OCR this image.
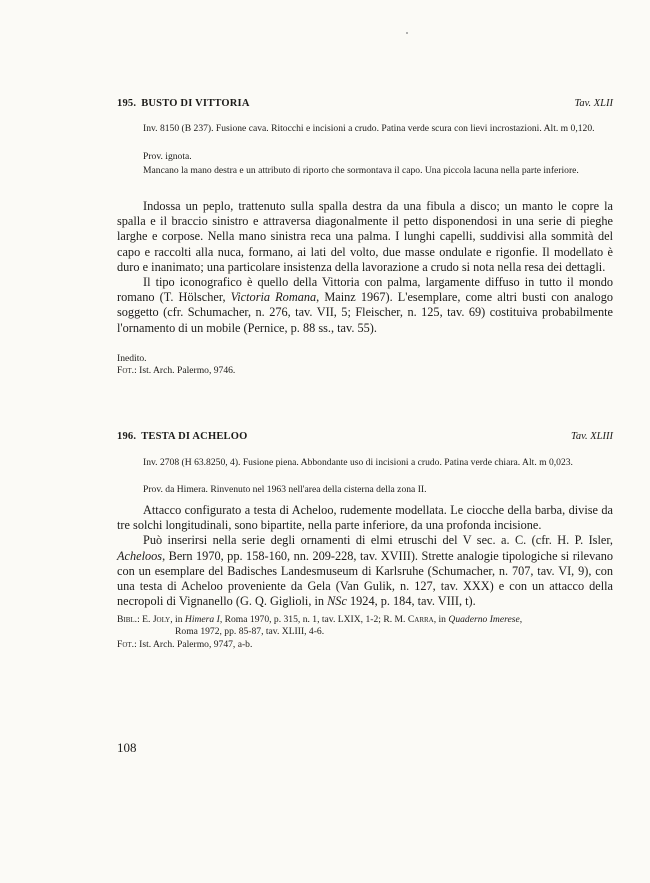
195. BUSTO DI VITTORIA	Tav. XLII

Inv. 8150 (B 237). Fusione cava. Ritocchi e incisioni a crudo. Patina verde scura con lievi incrostazioni. Alt. m 0,120.

Prov. ignota.

Mancano la mano destra e un attributo di riporto che sormontava il capo. Una piccola lacuna nella parte inferiore.

Indossa un peplo, trattenuto sulla spalla destra da una fibula a disco; un manto le copre la spalla e il braccio sinistro e attraversa diagonalmente il petto disponendosi in una serie di pieghe larghe e corpose. Nella mano sinistra reca una palma. I lunghi capelli, suddivisi alla sommità del capo e raccolti alla nuca, formano, ai lati del volto, due masse ondulate e rigonfie. Il modellato è duro e inanimato; una particolare insistenza della lavorazione a crudo si nota nella resa dei dettagli.

Il tipo iconografico è quello della Vittoria con palma, largamente diffuso in tutto il mondo romano (T. Hölscher, Victoria Romana, Mainz 1967). L'esemplare, come altri busti con analogo soggetto (cfr. Schumacher, n. 276, tav. VII, 5; Fleischer, n. 125, tav. 69) costituiva probabilmente l'ornamento di un mobile (Pernice, p. 88 ss., tav. 55).

Inedito.
Fot.: Ist. Arch. Palermo, 9746.
196. TESTA DI ACHELOO	Tav. XLIII

Inv. 2708 (H 63.8250, 4). Fusione piena. Abbondante uso di incisioni a crudo. Patina verde chiara. Alt. m 0,023.

Prov. da Himera. Rinvenuto nel 1963 nell'area della cisterna della zona II.

Attacco configurato a testa di Acheloo, rudemente modellata. Le ciocche della barba, divise da tre solchi longitudinali, sono bipartite, nella parte inferiore, da una profonda incisione.

Può inserirsi nella serie degli ornamenti di elmi etruschi del V sec. a. C. (cfr. H. P. Isler, Acheloos, Bern 1970, pp. 158-160, nn. 209-228, tav. XVIII). Strette analogie tipologiche si rilevano con un esemplare del Badisches Landesmuseum di Karlsruhe (Schumacher, n. 707, tav. VI, 9), con una testa di Acheloo proveniente da Gela (Van Gulik, n. 127, tav. XXX) e con un attacco della necropoli di Vignanello (G. Q. Giglioli, in NSc 1924, p. 184, tav. VIII, t).

Bibl.: E. Joly, in Himera I, Roma 1970, p. 315, n. 1, tav. LXIX, 1-2; R. M. Carra, in Quaderno Imerese,
Roma 1972, pp. 85-87, tav. XLIII, 4-6.
Fot.: Ist. Arch. Palermo, 9747, a-b.
108
